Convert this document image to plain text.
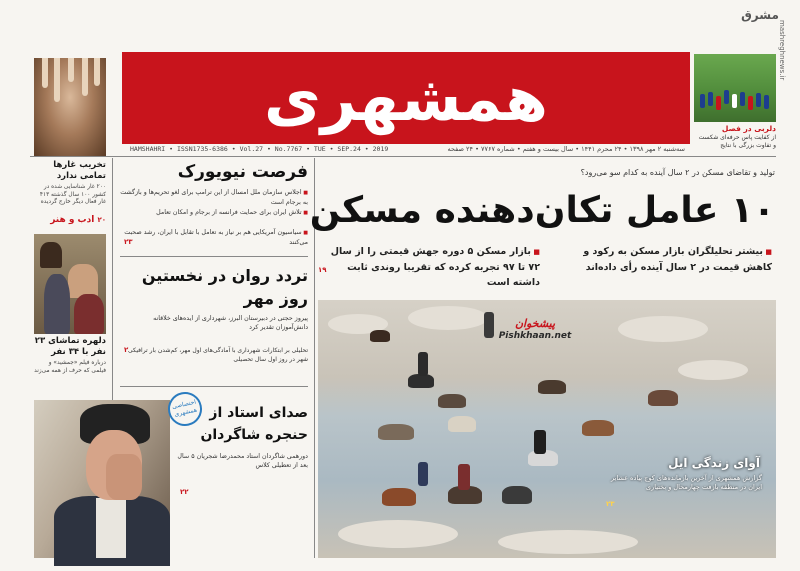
مشرق
mashreghnews.ir
همشهری
HAMSHAHRI • ISSN1735-6386 • Vol.27 • No.7767 • TUE • SEP.24 • 2019	سه‌شنبه ۲ مهر ۱۳۹۸ • ۲۴ محرم ۱۴۴۱ • سال بیست و هفتم • شماره ۷۷۶۷ • ۲۴ صفحه
دلربی در فصل
از کفایت پاس حرفه‌ای شکست و تفاوت بزرگی با نتایج
تخریب غارها تمامی ندارد
۲۰۰ غار شناسایی شده در کشور ۱۰۰ سال گذشته ۴۱۳ غار فعال دیگر خارج گردیده
۲۰ ادب و هنر
دلهره تماشای ۲۳ نفر با ۳۴ نفر
درباره فیلم «جمشید» و فیلمی که حرف از همه می‌زند
فرصت نیویورک
■ اجلاس سازمان ملل امسال از این ترامپ برای لغو تحریم‌ها و بازگشت به برجام است
■ تلاش ایران برای حمایت فرانسه از برجام و امکان تعامل
■ سیاسیون آمریکایی هم بر نیاز به تعامل با تقابل با ایران، رشد صحبت می‌کنند
۲۳
تردد روان در نخستین روز مهر
پیروز حجتی در دبیرستان البرز، شهرداری از ایده‌های خلاقانه دانش‌آموزان تقدیر کرد
تحلیلی بر ابتکارات شهرداری با آمادگی‌های اول مهر، کم‌شدن بار ترافیکی شهر در روز اول سال تحصیلی
۲
اختصاصی همشهری صدای استاد از حنجره شاگردان
دورهمی شاگردان استاد محمدرضا شجریان ۵ سال بعد از تعطیلی کلاس
۲۲
تولید و تقاضای مسکن در ۲ سال آینده به کدام سو می‌رود؟
۱۰ عامل تکان‌دهنده مسکن
■ بیشتر تحلیلگران بازار مسکن به رکود و کاهش قیمت در ۲ سال آینده رأی داده‌اند
■ بازار مسکن ۵ دوره جهش قیمتی را از سال ۷۲ تا ۹۷ تجربه کرده که تقریبا روندی ثابت داشته است
۱۹
پیشخوان
Pishkhaan.net
آوای زندگی ایل
گزارش همشهری از آخرین بازمانده‌های کوچ پیاده عشایر ایران در منطقه بازفت چهارمحال و بختیاری
۲۳
